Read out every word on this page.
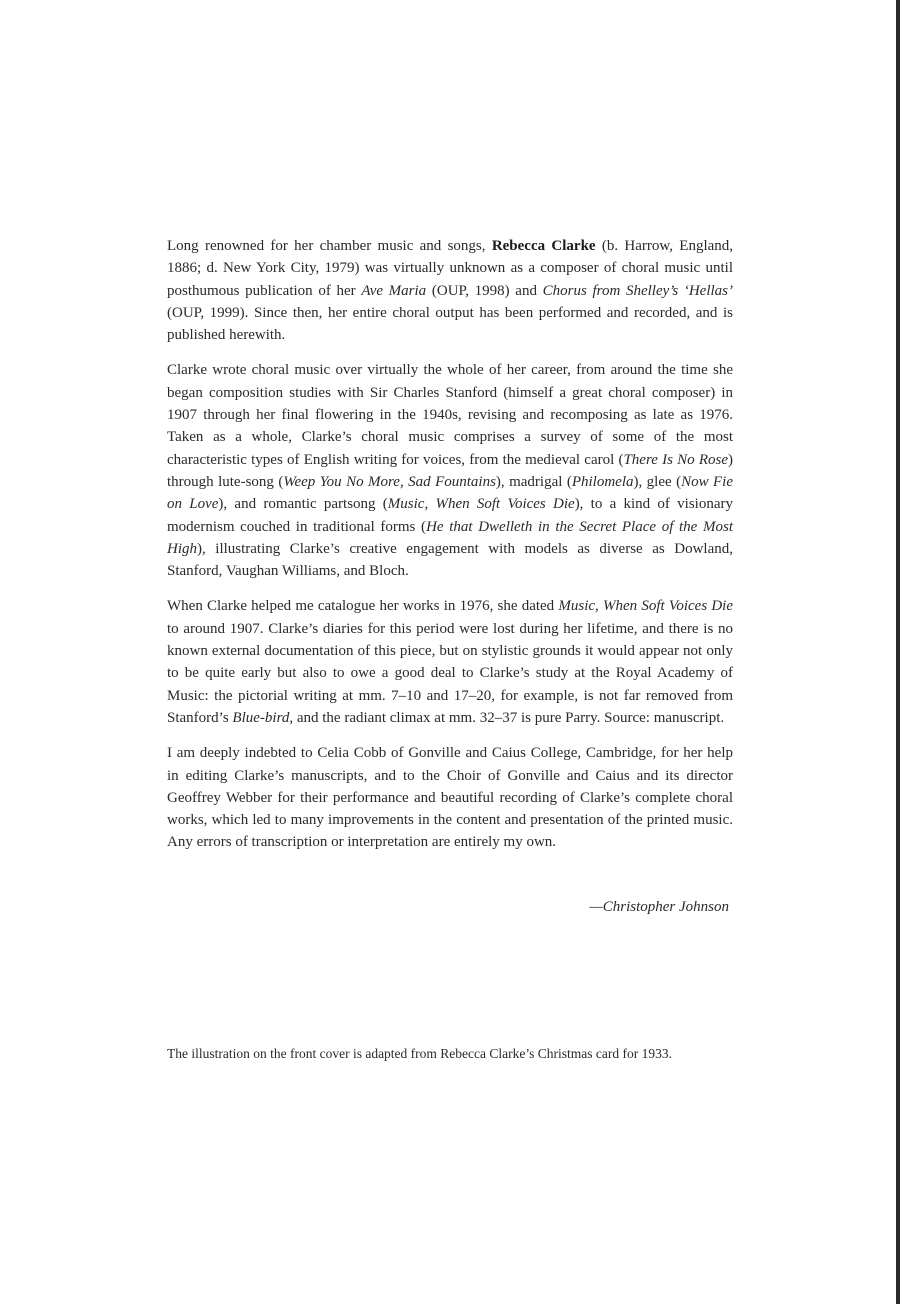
Long renowned for her chamber music and songs, Rebecca Clarke (b. Harrow, England, 1886; d. New York City, 1979) was virtually unknown as a composer of choral music until posthumous publication of her Ave Maria (OUP, 1998) and Chorus from Shelley’s ‘Hellas’ (OUP, 1999). Since then, her entire choral output has been performed and recorded, and is published herewith.

Clarke wrote choral music over virtually the whole of her career, from around the time she began composition studies with Sir Charles Stanford (himself a great choral composer) in 1907 through her final flowering in the 1940s, revising and recomposing as late as 1976. Taken as a whole, Clarke’s choral music comprises a survey of some of the most characteristic types of English writing for voices, from the medieval carol (There Is No Rose) through lute-song (Weep You No More, Sad Fountains), madrigal (Philomela), glee (Now Fie on Love), and romantic partsong (Music, When Soft Voices Die), to a kind of visionary modernism couched in traditional forms (He that Dwelleth in the Secret Place of the Most High), illustrating Clarke’s creative engagement with models as diverse as Dowland, Stanford, Vaughan Williams, and Bloch.

When Clarke helped me catalogue her works in 1976, she dated Music, When Soft Voices Die to around 1907. Clarke’s diaries for this period were lost during her lifetime, and there is no known external documentation of this piece, but on stylistic grounds it would appear not only to be quite early but also to owe a good deal to Clarke’s study at the Royal Academy of Music: the pictorial writing at mm. 7–10 and 17–20, for example, is not far removed from Stanford’s Blue-bird, and the radiant climax at mm. 32–37 is pure Parry. Source: manuscript.

I am deeply indebted to Celia Cobb of Gonville and Caius College, Cambridge, for her help in editing Clarke’s manuscripts, and to the Choir of Gonville and Caius and its director Geoffrey Webber for their performance and beautiful recording of Clarke’s complete choral works, which led to many improvements in the content and presentation of the printed music. Any errors of transcription or interpretation are entirely my own.

—Christopher Johnson
The illustration on the front cover is adapted from Rebecca Clarke’s Christmas card for 1933.
